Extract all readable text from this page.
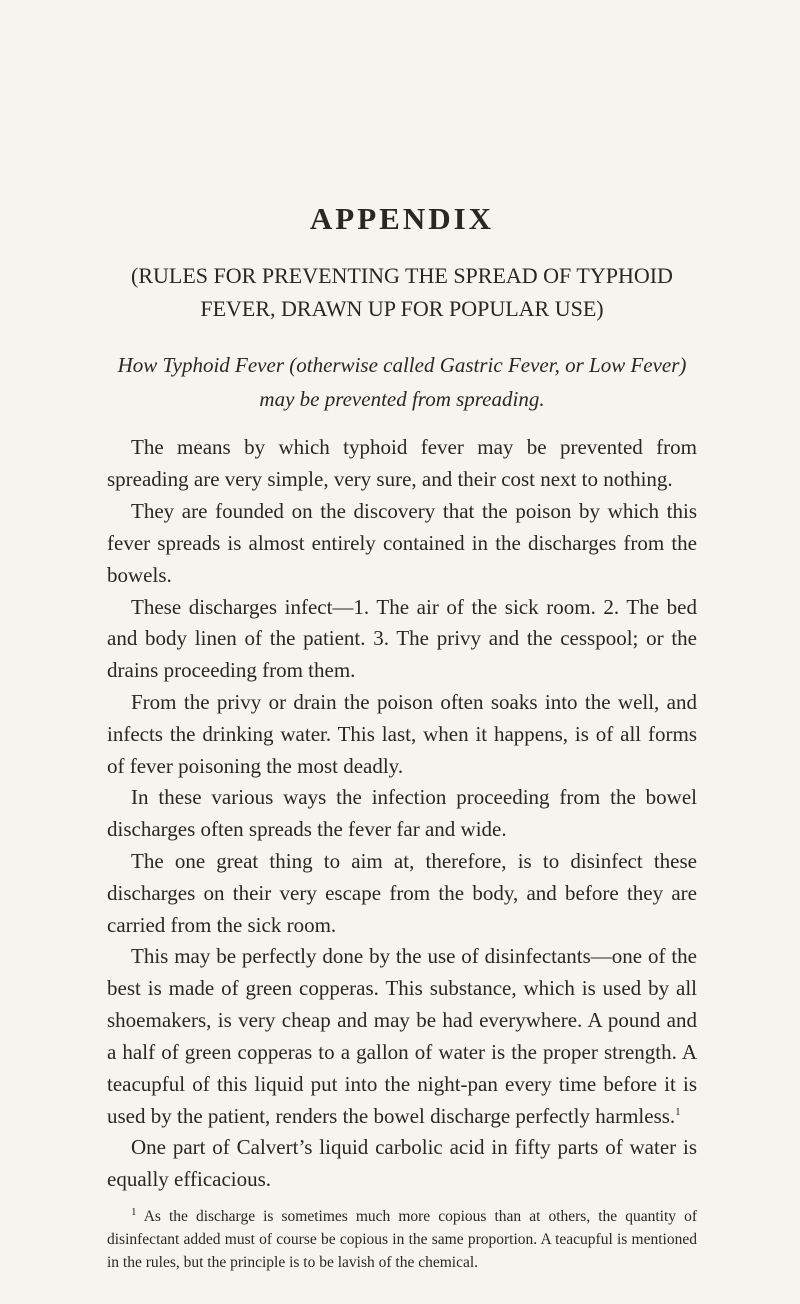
APPENDIX
(RULES FOR PREVENTING THE SPREAD OF TYPHOID
FEVER, DRAWN UP FOR POPULAR USE)
How Typhoid Fever (otherwise called Gastric Fever, or Low Fever)
may be prevented from spreading.

The means by which typhoid fever may be prevented from spreading are very simple, very sure, and their cost next to nothing.

They are founded on the discovery that the poison by which this fever spreads is almost entirely contained in the discharges from the bowels.

These discharges infect—1. The air of the sick room. 2. The bed and body linen of the patient. 3. The privy and the cesspool; or the drains proceeding from them.

From the privy or drain the poison often soaks into the well, and infects the drinking water. This last, when it happens, is of all forms of fever poisoning the most deadly.

In these various ways the infection proceeding from the bowel discharges often spreads the fever far and wide.

The one great thing to aim at, therefore, is to disinfect these discharges on their very escape from the body, and before they are carried from the sick room.

This may be perfectly done by the use of disinfectants—one of the best is made of green copperas. This substance, which is used by all shoemakers, is very cheap and may be had everywhere. A pound and a half of green copperas to a gallon of water is the proper strength. A teacupful of this liquid put into the night-pan every time before it is used by the patient, renders the bowel discharge perfectly harmless.$^1$

One part of Calvert’s liquid carbolic acid in fifty parts of water is equally efficacious.

$^1$ As the discharge is sometimes much more copious than at others, the quantity of disinfectant added must of course be copious in the same proportion. A teacupful is mentioned in the rules, but the principle is to be lavish of the chemical.
